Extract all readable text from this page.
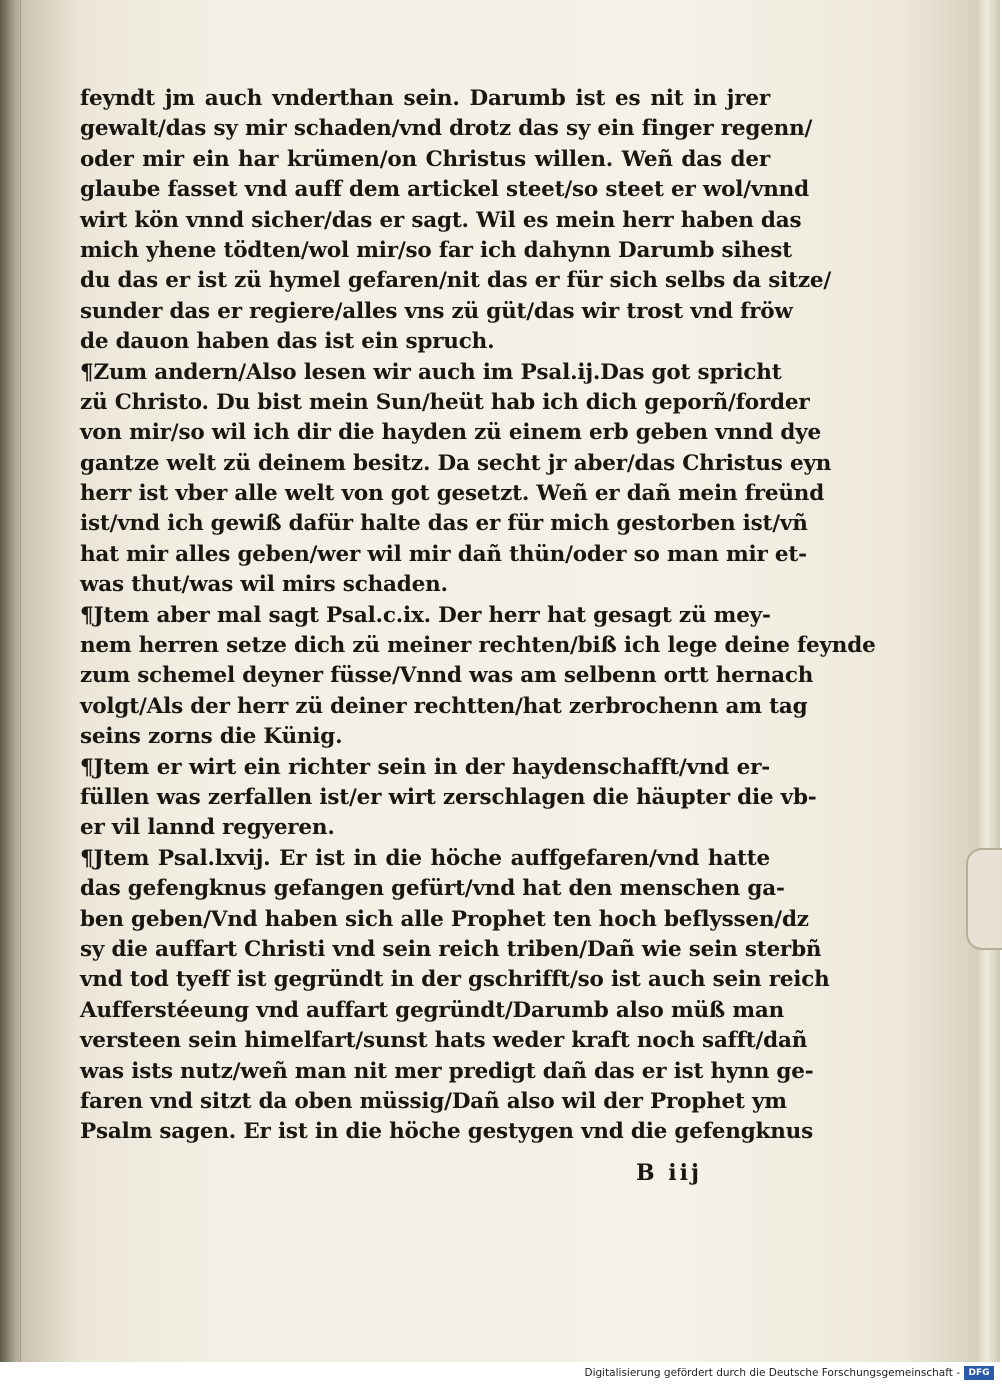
feyndt jm auch vnderthan sein. Darumb ist es nit in jrer
gewalt/das sy mir schaden/vnd drotz das sy ein finger regenn/
oder mir ein har krümen/on Christus willen. Weñ das der
glaube fasset vnd auff dem artickel steet/so steet er wol/vnnd
wirt kön vnnd sicher/das er sagt. Wil es mein herr haben das
mich yhene tödten/wol mir/so far ich dahynn Darumb sihest
du das er ist zü hymel gefaren/nit das er für sich selbs da sitze/
sunder das er regiere/alles vns zü güt/das wir trost vnd fröw
de dauon haben das ist ein spruch.
¶Zum andern/Also lesen wir auch im Psal.ij.Das got spricht
zü Christo. Du bist mein Sun/heüt hab ich dich geporñ/forder
von mir/so wil ich dir die hayden zü einem erb geben vnnd dye
gantze welt zü deinem besitz. Da secht jr aber/das Christus eyn
herr ist vber alle welt von got gesetzt. Weñ er dañ mein freünd
ist/vnd ich gewiß dafür halte das er für mich gestorben ist/vñ
hat mir alles geben/wer wil mir dañ thün/oder so man mir et-
was thut/was wil mirs schaden.
¶Jtem aber mal sagt Psal.c.ix. Der herr hat gesagt zü mey-
nem herren setze dich zü meiner rechten/biß ich lege deine feynde
zum schemel deyner füsse/Vnnd was am selbenn ortt hernach
volgt/Als der herr zü deiner rechtten/hat zerbrochenn am tag
seins zorns die Künig.
¶Jtem er wirt ein richter sein in der haydenschafft/vnd er-
füllen was zerfallen ist/er wirt zerschlagen die häupter die vb-
er vil lannd regyeren.
¶Jtem Psal.lxvij. Er ist in die höche auffgefaren/vnd hatte
das gefengknus gefangen gefürt/vnd hat den menschen ga-
ben geben/Vnd haben sich alle Prophet ten hoch beflyssen/dz
sy die auffart Christi vnd sein reich triben/Dañ wie sein sterbñ
vnd tod tyeff ist gegründt in der gschrifft/so ist auch sein reich
Aufferstéeung vnd auffart gegründt/Darumb also müß man
versteen sein himelfart/sunst hats weder kraft noch safft/dañ
was ists nutz/weñ man nit mer predigt dañ das er ist hynn ge-
faren vnd sitzt da oben müssig/Dañ also wil der Prophet ym
Psalm sagen. Er ist in die höche gestygen vnd die gefengknus
B iij
Digitalisierung gefördert durch die Deutsche Forschungsgemeinschaft - DFG
